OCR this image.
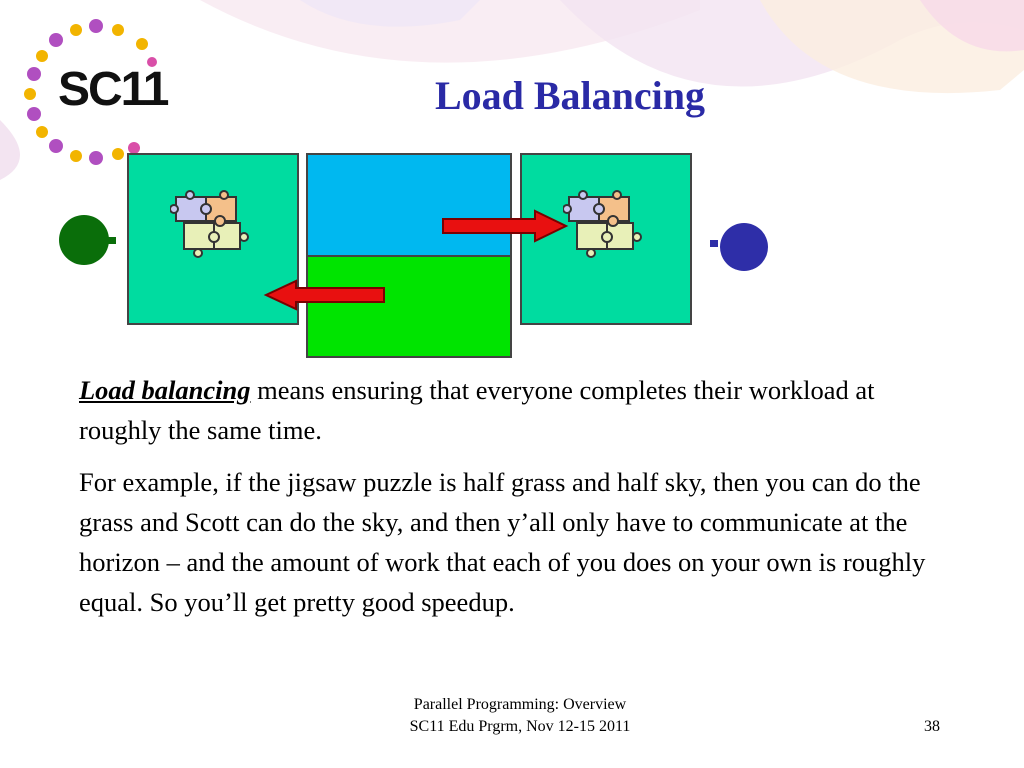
SC11	Load Balancing

Load balancing means ensuring that everyone completes their workload at roughly the same time.

For example, if the jigsaw puzzle is half grass and half sky, then you can do the grass and Scott can do the sky, and then y’all only have to communicate at the horizon – and the amount of work that each of you does on your own is roughly equal. So you’ll get pretty good speedup.

Parallel Programming: Overview
SC11 Edu Prgrm, Nov 12-15 2011	38
